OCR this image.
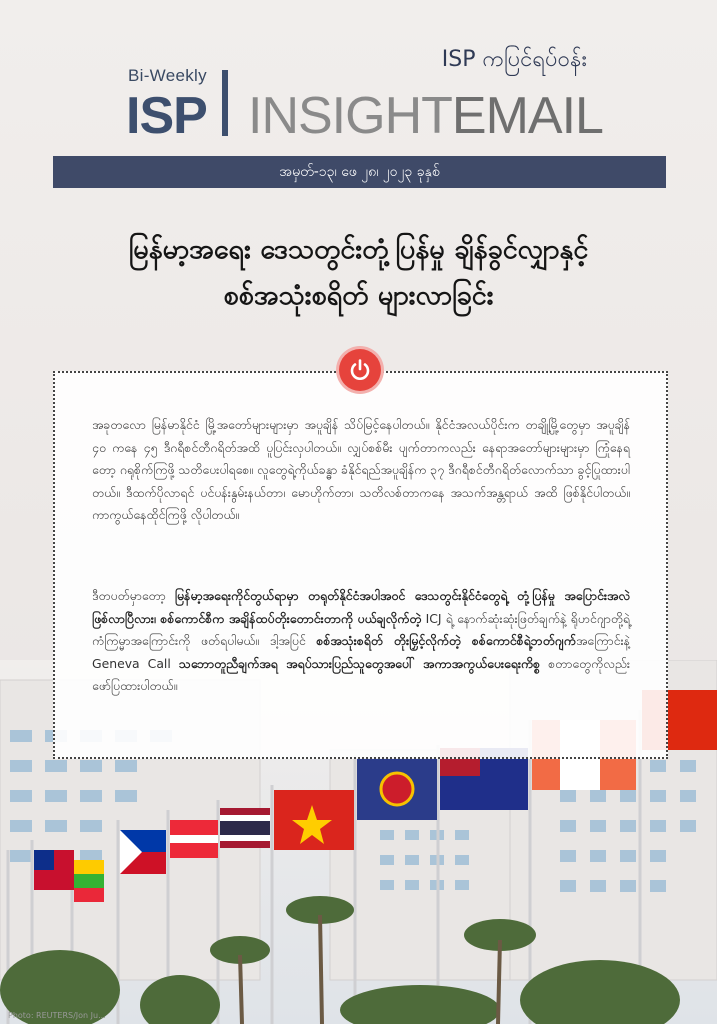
ISP ကပြင်ရပ်ဝန်း
Bi-Weekly
ISP INSIGHTEMAIL
အမှတ်-၁၃၊ ဖေ ၂၈၊ ၂၀၂၃ ခုနှစ်
မြန်မာ့အရေး ဒေသတွင်းတုံ့ပြန်မှု ချိန်ခွင်လျှာနှင့်
စစ်အသုံးစရိတ် များလာခြင်း
Photo: REUTERS/Jon Ju...
အခုတလော မြန်မာနိုင်ငံ မြို့အတော်များများမှာ အပူချိန် သိပ်မြင့်နေပါတယ်။ နိုင်ငံအလယ်ပိုင်းက တချို့မြို့တွေမှာ အပူချိန် ၄၀ ကနေ ၄၅ ဒီဂရီစင်တီဂရိတ်အထိ ပူပြင်းလှပါတယ်။ လျှပ်စစ်မီး ပျက်တာကလည်း နေရာအတော်များများမှာ ကြုံနေရတော့ ဂရုစိုက်ကြဖို့ သတိပေးပါရစေ။ လူတွေရဲ့ကိုယ်ခန္ဓာ ခံနိုင်ရည်အပူချိန်က ၃၇ ဒီဂရီစင်တီဂရိတ်လောက်သာ ခွင့်ပြုထားပါတယ်။ ဒီထက်ပိုလာရင် ပင်ပန်းနွမ်းနယ်တာ၊ မောဟိုက်တာ၊ သတိလစ်တာကနေ အသက်အန္တရာယ် အထိ ဖြစ်နိုင်ပါတယ်။ ကာကွယ်နေထိုင်ကြဖို့ လိုပါတယ်။
ဒီတပတ်မှာတော့ မြန်မာ့အရေးကိုင်တွယ်ရာမှာ တရုတ်နိုင်ငံအပါအဝင် ဒေသတွင်းနိုင်ငံတွေရဲ့ တုံ့ပြန်မှု အပြောင်းအလဲဖြစ်လာပြီလား၊ စစ်ကောင်စီက အချိန်ထပ်တိုးတောင်းတာကို ပယ်ချလိုက်တဲ့ ICJ ရဲ့ နောက်ဆုံးဆုံးဖြတ်ချက်နဲ့ ရိုဟင်ဂျာတို့ရဲ့ကံကြမ္မာအကြောင်းကို ဖတ်ရပါမယ်။ ဒါ့အပြင် စစ်အသုံးစရိတ် တိုးမြှင့်လိုက်တဲ့ စစ်ကောင်စီရဲ့ဘတ်ဂျက်အကြောင်းနဲ့ Geneva Call သဘောတူညီချက်အရ အရပ်သားပြည်သူတွေအပေါ် အကာအကွယ်ပေးရေးကိစ္စ စတာတွေကိုလည်း ဖော်ပြထားပါတယ်။
